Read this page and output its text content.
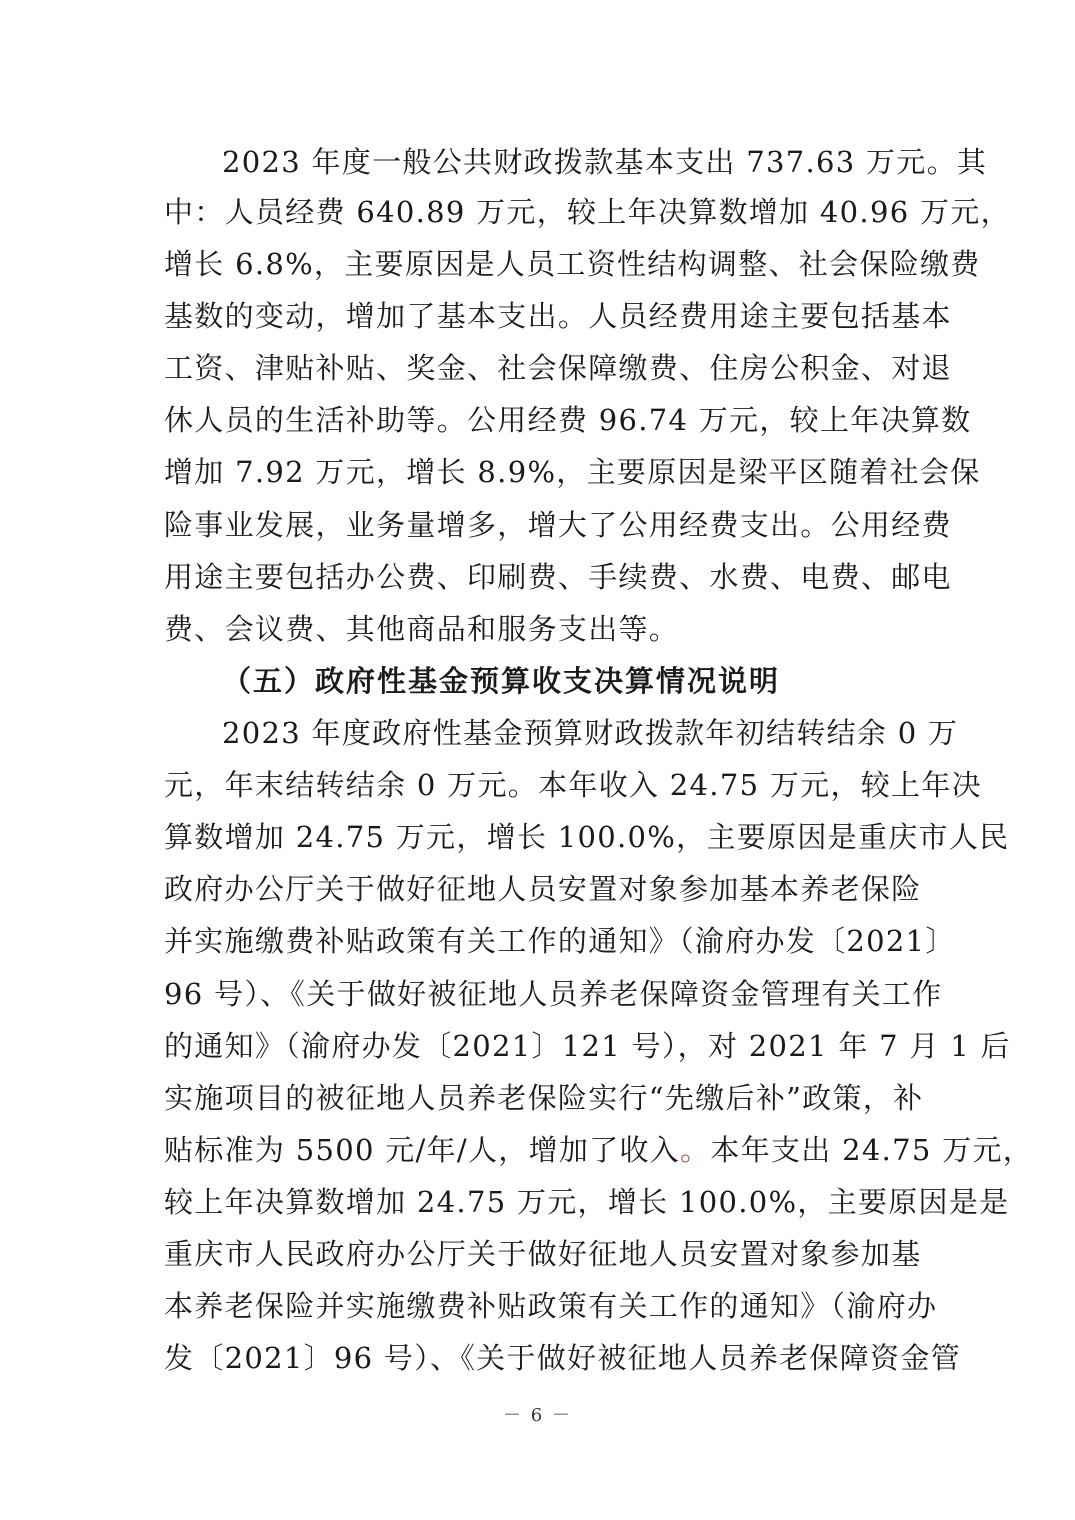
2023 年度一般公共财政拨款基本支出 737.63 万元。其
中：人员经费 640.89 万元，较上年决算数增加 40.96 万元，
增长 6.8%，主要原因是人员工资性结构调整、社会保险缴费
基数的变动，增加了基本支出。人员经费用途主要包括基本
工资、津贴补贴、奖金、社会保障缴费、住房公积金、对退
休人员的生活补助等。公用经费 96.74 万元，较上年决算数
增加 7.92 万元，增长 8.9%，主要原因是梁平区随着社会保
险事业发展，业务量增多，增大了公用经费支出。公用经费
用途主要包括办公费、印刷费、手续费、水费、电费、邮电
费、会议费、其他商品和服务支出等。
（五）政府性基金预算收支决算情况说明
2023 年度政府性基金预算财政拨款年初结转结余 0 万
元，年末结转结余 0 万元。本年收入 24.75 万元，较上年决
算数增加 24.75 万元，增长 100.0%，主要原因是重庆市人民
政府办公厅关于做好征地人员安置对象参加基本养老保险
并实施缴费补贴政策有关工作的通知》（渝府办发〔2021〕
96 号）、《关于做好被征地人员养老保障资金管理有关工作
的通知》（渝府办发〔2021〕121 号），对 2021 年 7 月 1 后
实施项目的被征地人员养老保险实行“先缴后补”政策，补
贴标准为 5500 元/年/人，增加了收入。本年支出 24.75 万元，
较上年决算数增加 24.75 万元，增长 100.0%，主要原因是是
重庆市人民政府办公厅关于做好征地人员安置对象参加基
本养老保险并实施缴费补贴政策有关工作的通知》（渝府办
发〔2021〕96 号）、《关于做好被征地人员养老保障资金管
－ 6 －
